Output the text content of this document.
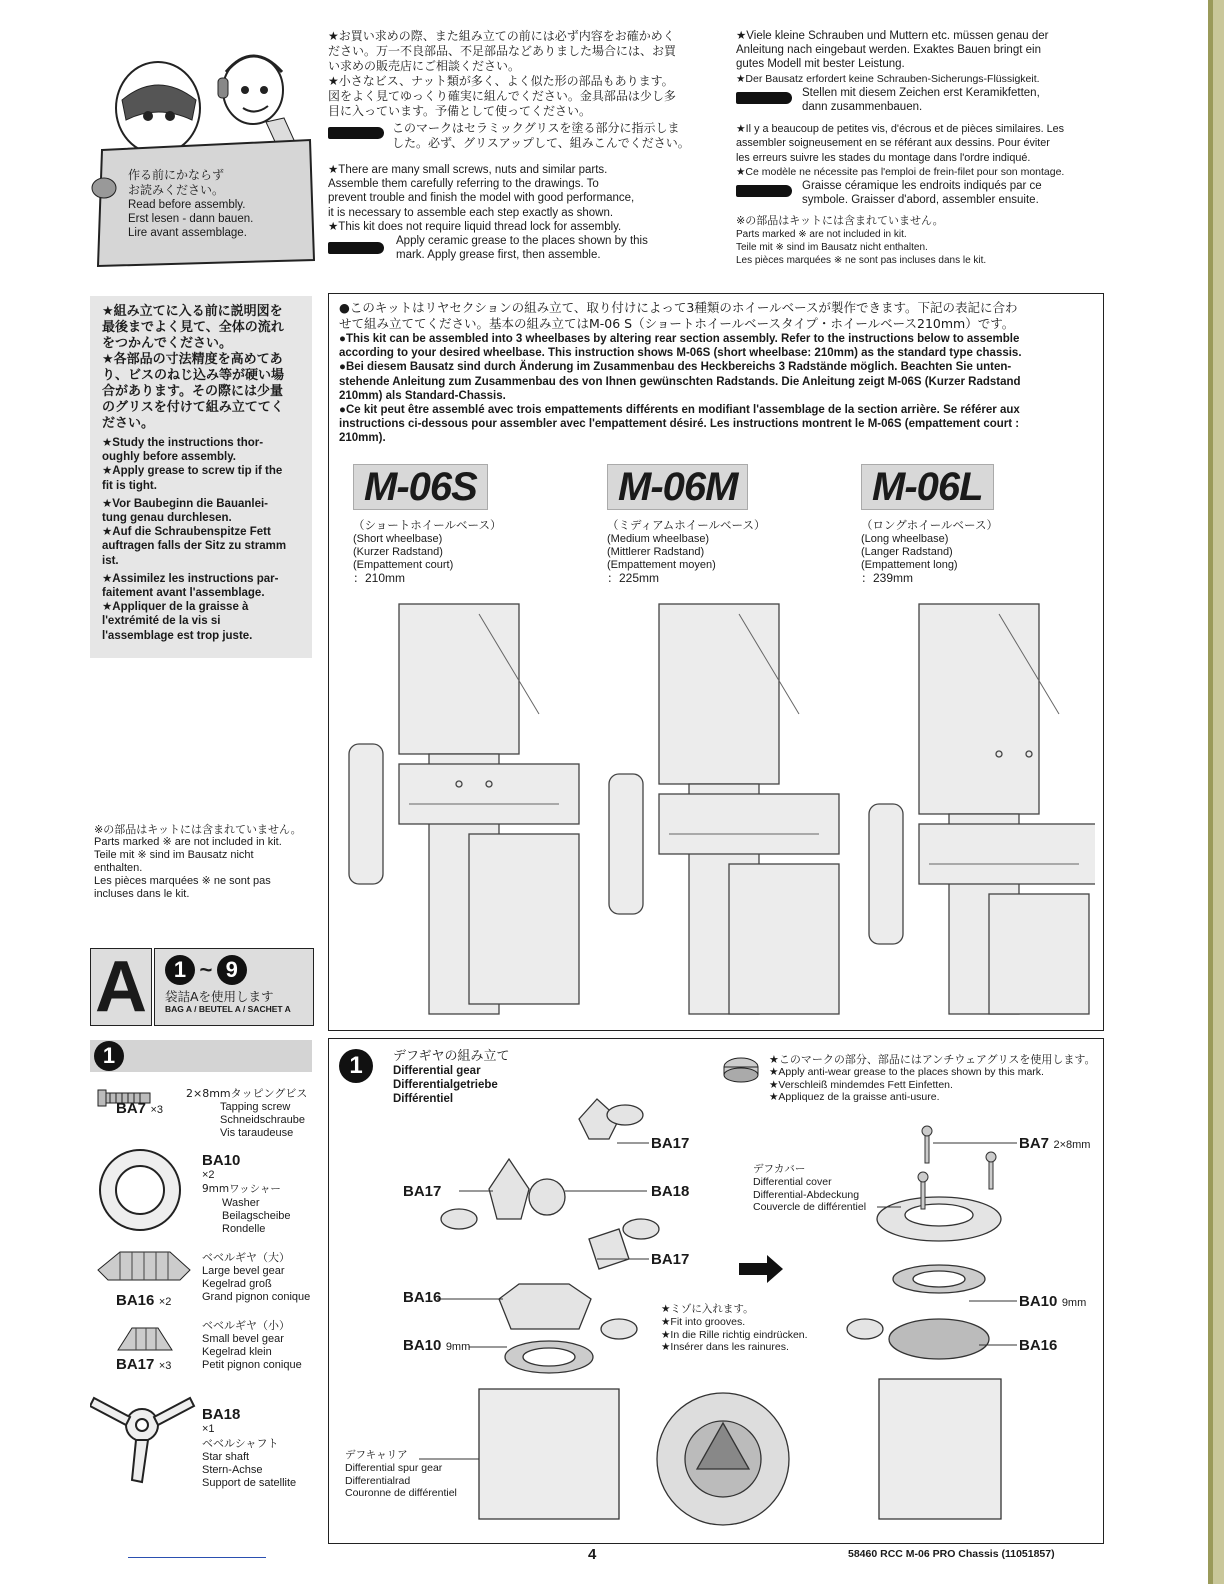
作る前にかならず
お読みください。
Read before assembly.
Erst lesen - dann bauen.
Lire avant assemblage.
★お買い求めの際、また組み立ての前には必ず内容をお確かめく
ださい。万一不良部品、不足部品などありました場合には、お買
い求めの販売店にご相談ください。
★小さなビス、ナット類が多く、よく似た形の部品もあります。
図をよく見てゆっくり確実に組んでください。金具部品は少し多
目に入っています。予備として使ってください。
このマークはセラミックグリスを塗る部分に指示しま
した。必ず、グリスアップして、組みこんでください。
★There are many small screws, nuts and similar parts.
Assemble them carefully referring to the drawings. To
prevent trouble and finish the model with good performance,
it is necessary to assemble each step exactly as shown.
★This kit does not require liquid thread lock for assembly.
Apply ceramic grease to the places shown by this
mark. Apply grease first, then assemble.
★Viele kleine Schrauben und Muttern etc. müssen genau der
Anleitung nach eingebaut werden. Exaktes Bauen bringt ein
gutes Modell mit bester Leistung.
★Der Bausatz erfordert keine Schrauben-Sicherungs-Flüssigkeit.
Stellen mit diesem Zeichen erst Keramikfetten,
dann zusammenbauen.
★Il y a beaucoup de petites vis, d'écrous et de pièces similaires. Les
assembler soigneusement en se référant aux dessins. Pour éviter
les erreurs suivre les stades du montage dans l'ordre indiqué.
★Ce modèle ne nécessite pas l'emploi de frein-filet pour son montage.
Graisse céramique les endroits indiqués par ce
symbole. Graisser d'abord, assembler ensuite.
※の部品はキットには含まれていません。
Parts marked ※ are not included in kit.
Teile mit ※ sind im Bausatz nicht enthalten.
Les pièces marquées ※ ne sont pas incluses dans le kit.
★組み立てに入る前に説明図を
最後までよく見て、全体の流れ
をつかんでください。
★各部品の寸法精度を高めてあ
り、ビスのねじ込み等が硬い場
合があります。その際には少量
のグリスを付けて組み立ててく
ださい。
★Study the instructions thor-
oughly before assembly.
★Apply grease to screw tip if the
fit is tight.
★Vor Baubeginn die Bauanlei-
tung genau durchlesen.
★Auf die Schraubenspitze Fett
auftragen falls der Sitz zu stramm
ist.
★Assimilez les instructions par-
faitement avant l'assemblage.
★Appliquer de la graisse à
l'extrémité de la vis si
l'assemblage est trop juste.
※の部品はキットには含まれていません。
Parts marked ※ are not included in kit.
Teile mit ※ sind im Bausatz nicht
enthalten.
Les pièces marquées ※ ne sont pas
incluses dans le kit.
●このキットはリヤセクションの組み立て、取り付けによって3種類のホイールベースが製作できます。下記の表記に合わ
せて組み立ててください。基本の組み立てはM-06 S（ショートホイールベースタイプ・ホイールベース210mm）です。
●This kit can be assembled into 3 wheelbases by altering rear section assembly. Refer to the instructions below to assemble
according to your desired wheelbase. This instruction shows M-06S (short wheelbase: 210mm) as the standard type chassis.
●Bei diesem Bausatz sind durch Änderung im Zusammenbau des Heckbereichs 3 Radstände möglich. Beachten Sie unten-
stehende Anleitung zum Zusammenbau des von Ihnen gewünschten Radstands. Die Anleitung zeigt M-06S (Kurzer Radstand
210mm) als Standard-Chassis.
●Ce kit peut être assemblé avec trois empattements différents en modifiant l'assemblage de la section arrière. Se référer aux
instructions ci-dessous pour assembler avec l'empattement désiré. Les instructions montrent le M-06S (empattement court :
210mm).
M-06S
（ショートホイールベース）
(Short wheelbase)
(Kurzer Radstand)
(Empattement court)
：210mm
M-06M
（ミディアムホイールベース）
(Medium wheelbase)
(Mittlerer Radstand)
(Empattement moyen)
：225mm
M-06L
（ロングホイールベース）
(Long wheelbase)
(Langer Radstand)
(Empattement long)
：239mm
A	1 ~ 9
袋詰Aを使用します
BAG A / BEUTEL A / SACHET A
1
BA7 ×3
2×8mmタッピングビス
Tapping screw
Schneidschraube
Vis taraudeuse
BA10
×2
9mmワッシャー
Washer
Beilagscheibe
Rondelle
ベベルギヤ（大）
Large bevel gear
Kegelrad groß
Grand pignon conique
BA16 ×2
ベベルギヤ（小）
Small bevel gear
Kegelrad klein
Petit pignon conique
BA17 ×3
BA18
×1
ベベルシャフト
Star shaft
Stern-Achse
Support de satellite
1	デフギヤの組み立て
Differential gear
Differentialgetriebe
Différentiel
★このマークの部分、部品にはアンチウェアグリスを使用します。
★Apply anti-wear grease to the places shown by this mark.
★Verschleiß mindemdes Fett Einfetten.
★Appliquez de la graisse anti-usure.
BA17
BA17	BA18
BA17
BA16
BA10 9mm
BA7 2×8mm
BA10 9mm
BA16
デフカバー
Differential cover
Differential-Abdeckung
Couvercle de différentiel
★ミゾに入れます。
★Fit into grooves.
★In die Rille richtig eindrücken.
★Insérer dans les rainures.
デフキャリア
Differential spur gear
Differentialrad
Couronne de différentiel
4	58460 RCC M-06 PRO Chassis (11051857)
